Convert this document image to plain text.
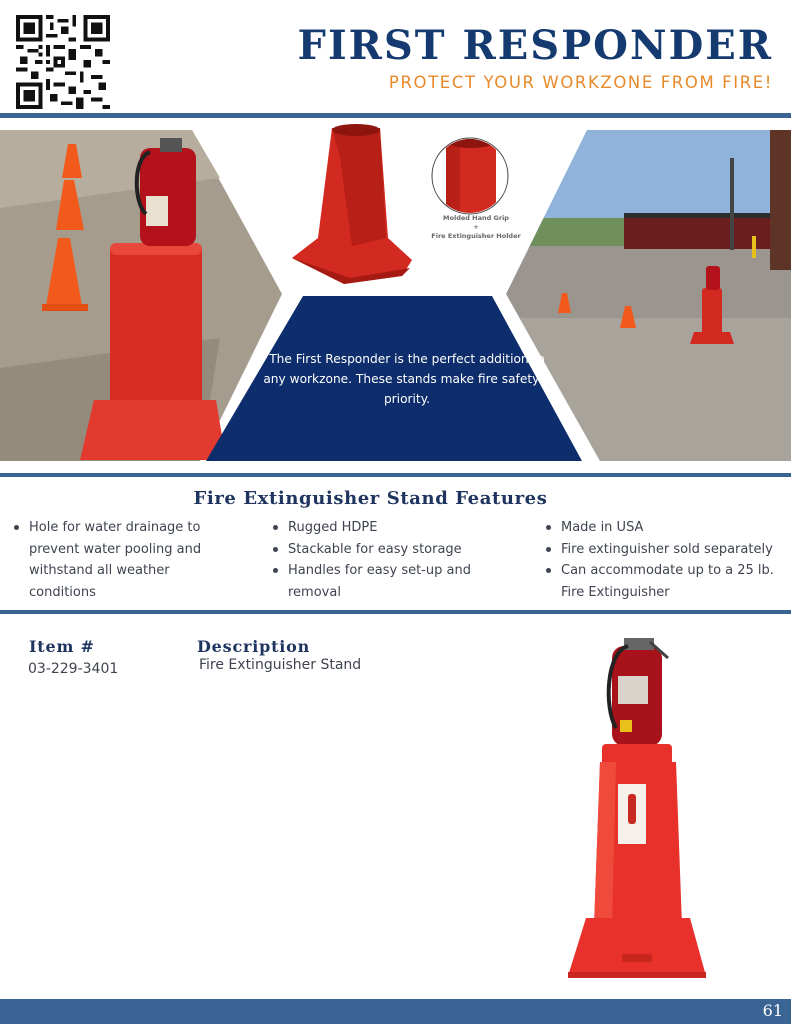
FIRST RESPONDER
PROTECT YOUR WORKZONE FROM FIRE!
Molded Hand Grip
+
Fire Extinguisher Holder
The First Responder is the perfect addition to any workzone. These stands make fire safety a priority.
Fire Extinguisher Stand Features
Hole for water drainage to prevent water pooling and withstand all weather conditions
Rugged HDPE
Stackable for easy storage
Handles for easy set-up and removal
Made in USA
Fire extinguisher sold separately
Can accommodate up to a 25 lb. Fire Extinguisher
Item #	Description
03-229-3401	Fire Extinguisher Stand
61
